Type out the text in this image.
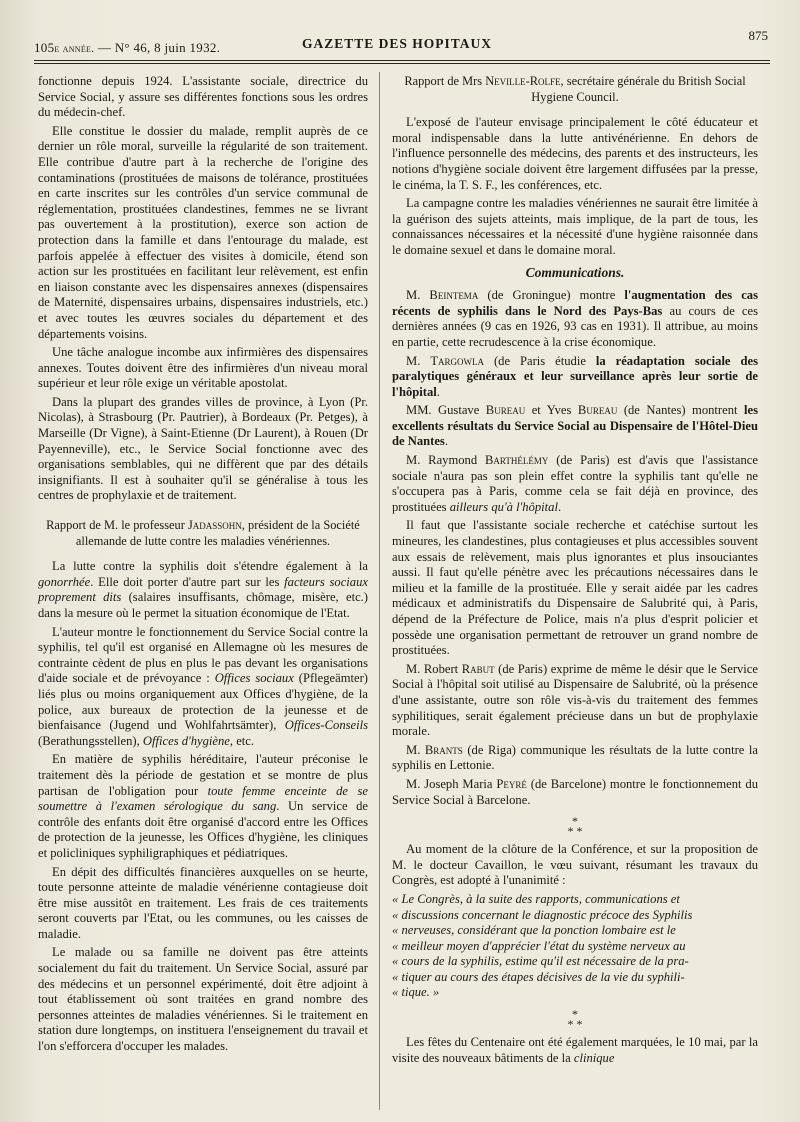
105e année. — N° 46, 8 juin 1932.	GAZETTE DES HOPITAUX
875

fonctionne depuis 1924. L'assistante sociale, directrice du Service Social, y assure ses différentes fonctions sous les ordres du médecin-chef.

Elle constitue le dossier du malade, remplit auprès de ce dernier un rôle moral, surveille la régularité de son traitement. Elle contribue d'autre part à la recherche de l'origine des contaminations (prostituées de maisons de tolérance, prostituées en carte inscrites sur les contrôles d'un service communal de réglementation, prostituées clandestines, femmes ne se livrant pas ouvertement à la prostitution), exerce son action de protection dans la famille et dans l'entourage du malade, est parfois appelée à effectuer des visites à domicile, étend son action sur les prostituées en facilitant leur relèvement, est enfin en liaison constante avec les dispensaires annexes (dispensaires de Maternité, dispensaires urbains, dispensaires industriels, etc.) et avec toutes les œuvres sociales du département et des départements voisins.

Une tâche analogue incombe aux infirmières des dispensaires annexes. Toutes doivent être des infirmières d'un niveau moral supérieur et leur rôle exige un véritable apostolat.

Dans la plupart des grandes villes de province, à Lyon (Pr. Nicolas), à Strasbourg (Pr. Pautrier), à Bordeaux (Pr. Petges), à Marseille (Dr Vigne), à Saint-Etienne (Dr Laurent), à Rouen (Dr Payenneville), etc., le Service Social fonctionne avec des organisations semblables, qui ne diffèrent que par des détails insignifiants. Il est à souhaiter qu'il se généralise à tous les centres de prophylaxie et de traitement.

Rapport de M. le professeur Jadassohn, président de la Société allemande de lutte contre les maladies vénériennes.

La lutte contre la syphilis doit s'étendre également à la gonorrhée. Elle doit porter d'autre part sur les facteurs sociaux proprement dits (salaires insuffisants, chômage, misère, etc.) dans la mesure où le permet la situation économique de l'Etat.

L'auteur montre le fonctionnement du Service Social contre la syphilis, tel qu'il est organisé en Allemagne où les mesures de contrainte cèdent de plus en plus le pas devant les organisations d'aide sociale et de prévoyance : Offices sociaux (Pflegeämter) liés plus ou moins organiquement aux Offices d'hygiène, de la police, aux bureaux de protection de la jeunesse et de bienfaisance (Jugend und Wohlfahrtsämter), Offices-Conseils (Berathungsstellen), Offices d'hygiène, etc.

En matière de syphilis héréditaire, l'auteur préconise le traitement dès la période de gestation et se montre de plus partisan de l'obligation pour toute femme enceinte de se soumettre à l'examen sérologique du sang. Un service de contrôle des enfants doit être organisé d'accord entre les Offices de protection de la jeunesse, les Offices d'hygiène, les cliniques et policliniques syphiligraphiques et pédiatriques.

En dépit des difficultés financières auxquelles on se heurte, toute personne atteinte de maladie vénérienne contagieuse doit être mise aussitôt en traitement. Les frais de ces traitements seront couverts par l'Etat, ou les communes, ou les caisses de maladie.

Le malade ou sa famille ne doivent pas être atteints socialement du fait du traitement. Un Service Social, assuré par des médecins et un personnel expérimenté, doit être adjoint à tout établissement où sont traitées en grand nombre des personnes atteintes de maladies vénériennes. Si le traitement en station dure longtemps, on instituera l'enseignement du travail et l'on s'efforcera d'occuper les malades.

Rapport de Mrs Neville-Rolfe, secrétaire générale du British Social Hygiene Council.

L'exposé de l'auteur envisage principalement le côté éducateur et moral indispensable dans la lutte antivénérienne. En dehors de l'influence personnelle des médecins, des parents et des instructeurs, les notions d'hygiène sociale doivent être largement diffusées par la presse, le cinéma, la T. S. F., les conférences, etc.

La campagne contre les maladies vénériennes ne saurait être limitée à la guérison des sujets atteints, mais implique, de la part de tous, les connaissances nécessaires et la nécessité d'une hygiène raisonnée dans le domaine sexuel et dans le domaine moral.

Communications.

M. Beintema (de Groningue) montre l'augmentation des cas récents de syphilis dans le Nord des Pays-Bas au cours de ces dernières années (9 cas en 1926, 93 cas en 1931). Il attribue, au moins en partie, cette recrudescence à la crise économique.

M. Targowla (de Paris étudie la réadaptation sociale des paralytiques généraux et leur surveillance après leur sortie de l'hôpital.

MM. Gustave Bureau et Yves Bureau (de Nantes) montrent les excellents résultats du Service Social au Dispensaire de l'Hôtel-Dieu de Nantes.

M. Raymond Barthélémy (de Paris) est d'avis que l'assistance sociale n'aura pas son plein effet contre la syphilis tant qu'elle ne s'occupera pas à Paris, comme cela se fait déjà en province, des prostituées ailleurs qu'à l'hôpital.

Il faut que l'assistante sociale recherche et catéchise surtout les mineures, les clandestines, plus contagieuses et plus accessibles souvent aux essais de relèvement, mais plus ignorantes et plus insouciantes aussi. Il faut qu'elle pénètre avec les précautions nécessaires dans le milieu et la famille de la prostituée. Elle y serait aidée par les cadres médicaux et administratifs du Dispensaire de Salubrité qui, à Paris, dépend de la Préfecture de Police, mais n'a plus d'esprit policier et possède une organisation permettant de retrouver un grand nombre de prostituées.

M. Robert Rabut (de Paris) exprime de même le désir que le Service Social à l'hôpital soit utilisé au Dispensaire de Salubrité, où la présence d'une assistante, outre son rôle vis-à-vis du traitement des femmes syphilitiques, serait également précieuse dans un but de prophylaxie morale.

M. Brants (de Riga) communique les résultats de la lutte contre la syphilis en Lettonie.

M. Joseph Maria Peyré (de Barcelone) montre le fonctionnement du Service Social à Barcelone.

*
* *

Au moment de la clôture de la Conférence, et sur la proposition de M. le docteur Cavaillon, le vœu suivant, résumant les travaux du Congrès, est adopté à l'unanimité :

« Le Congrès, à la suite des rapports, communications et

« discussions concernant le diagnostic précoce des Syphilis

« nerveuses, considérant que la ponction lombaire est le

« meilleur moyen d'apprécier l'état du système nerveux au

« cours de la syphilis, estime qu'il est nécessaire de la pra-

« tiquer au cours des étapes décisives de la vie du syphili-

« tique. »

*
* *

Les fêtes du Centenaire ont été également marquées, le 10 mai, par la visite des nouveaux bâtiments de la clinique
